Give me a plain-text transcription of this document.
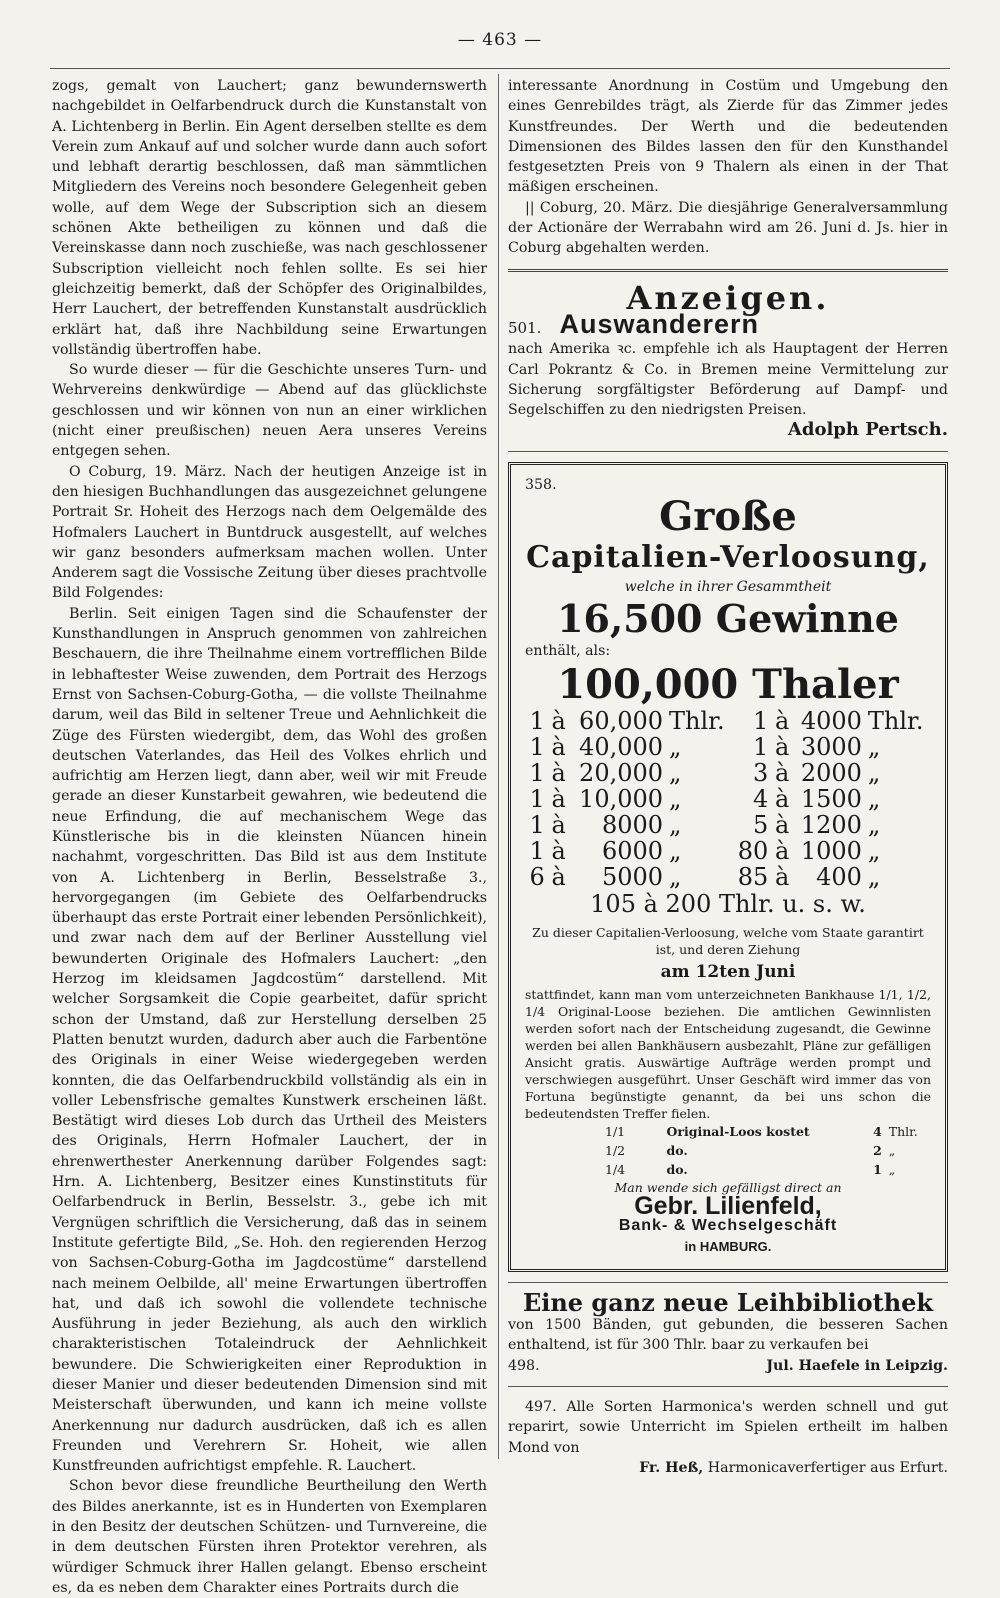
— 463 —

zogs, gemalt von Lauchert; ganz bewundernswerth nachgebildet in Oelfarbendruck durch die Kunstanstalt von A. Lichtenberg in Berlin. Ein Agent derselben stellte es dem Verein zum Ankauf auf und solcher wurde dann auch sofort und lebhaft derartig beschlossen, daß man sämmtlichen Mitgliedern des Vereins noch besondere Gelegenheit geben wolle, auf dem Wege der Subscription sich an diesem schönen Akte betheiligen zu können und daß die Vereinskasse dann noch zuschieße, was nach geschlossener Subscription vielleicht noch fehlen sollte. Es sei hier gleichzeitig bemerkt, daß der Schöpfer des Originalbildes, Herr Lauchert, der betreffenden Kunstanstalt ausdrücklich erklärt hat, daß ihre Nachbildung seine Erwartungen vollständig übertroffen habe.

So wurde dieser — für die Geschichte unseres Turn- und Wehrvereins denkwürdige — Abend auf das glücklichste geschlossen und wir können von nun an einer wirklichen (nicht einer preußischen) neuen Aera unseres Vereins entgegen sehen.

O Coburg, 19. März. Nach der heutigen Anzeige ist in den hiesigen Buchhandlungen das ausgezeichnet gelungene Portrait Sr. Hoheit des Herzogs nach dem Oelgemälde des Hofmalers Lauchert in Buntdruck ausgestellt, auf welches wir ganz besonders aufmerksam machen wollen. Unter Anderem sagt die Vossische Zeitung über dieses prachtvolle Bild Folgendes:

Berlin. Seit einigen Tagen sind die Schaufenster der Kunsthandlungen in Anspruch genommen von zahlreichen Beschauern, die ihre Theilnahme einem vortrefflichen Bilde in lebhaftester Weise zuwenden, dem Portrait des Herzogs Ernst von Sachsen-Coburg-Gotha, — die vollste Theilnahme darum, weil das Bild in seltener Treue und Aehnlichkeit die Züge des Fürsten wiedergibt, dem, das Wohl des großen deutschen Vaterlandes, das Heil des Volkes ehrlich und aufrichtig am Herzen liegt, dann aber, weil wir mit Freude gerade an dieser Kunstarbeit gewahren, wie bedeutend die neue Erfindung, die auf mechanischem Wege das Künstlerische bis in die kleinsten Nüancen hinein nachahmt, vorgeschritten. Das Bild ist aus dem Institute von A. Lichtenberg in Berlin, Besselstraße 3., hervorgegangen (im Gebiete des Oelfarbendrucks überhaupt das erste Portrait einer lebenden Persönlichkeit), und zwar nach dem auf der Berliner Ausstellung viel bewunderten Originale des Hofmalers Lauchert: „den Herzog im kleidsamen Jagdcostüm“ darstellend. Mit welcher Sorgsamkeit die Copie gearbeitet, dafür spricht schon der Umstand, daß zur Herstellung derselben 25 Platten benutzt wurden, dadurch aber auch die Farbentöne des Originals in einer Weise wiedergegeben werden konnten, die das Oelfarbendruckbild vollständig als ein in voller Lebensfrische gemaltes Kunstwerk erscheinen läßt. Bestätigt wird dieses Lob durch das Urtheil des Meisters des Originals, Herrn Hofmaler Lauchert, der in ehrenwerthester Anerkennung darüber Folgendes sagt: Hrn. A. Lichtenberg, Besitzer eines Kunstinstituts für Oelfarbendruck in Berlin, Besselstr. 3., gebe ich mit Vergnügen schriftlich die Versicherung, daß das in seinem Institute gefertigte Bild, „Se. Hoh. den regierenden Herzog von Sachsen-Coburg-Gotha im Jagdcostüme“ darstellend nach meinem Oelbilde, all' meine Erwartungen übertroffen hat, und daß ich sowohl die vollendete technische Ausführung in jeder Beziehung, als auch den wirklich charakteristischen Totaleindruck der Aehnlichkeit bewundere. Die Schwierigkeiten einer Reproduktion in dieser Manier und dieser bedeutenden Dimension sind mit Meisterschaft überwunden, und kann ich meine vollste Anerkennung nur dadurch ausdrücken, daß ich es allen Freunden und Verehrern Sr. Hoheit, wie allen Kunstfreunden aufrichtigst empfehle. R. Lauchert.

Schon bevor diese freundliche Beurtheilung den Werth des Bildes anerkannte, ist es in Hunderten von Exemplaren in den Besitz der deutschen Schützen- und Turnvereine, die in dem deutschen Fürsten ihren Protektor verehren, als würdiger Schmuck ihrer Hallen gelangt. Ebenso erscheint es, da es neben dem Charakter eines Portraits durch die

interessante Anordnung in Costüm und Umgebung den eines Genrebildes trägt, als Zierde für das Zimmer jedes Kunstfreundes. Der Werth und die bedeutenden Dimensionen des Bildes lassen den für den Kunsthandel festgesetzten Preis von 9 Thalern als einen in der That mäßigen erscheinen.

|| Coburg, 20. März. Die diesjährige Generalversammlung der Actionäre der Werrabahn wird am 26. Juni d. Js. hier in Coburg abgehalten werden.

Anzeigen.
501. Auswanderern

nach Amerika ꝛc. empfehle ich als Hauptagent der Herren Carl Pokrantz & Co. in Bremen meine Vermittelung zur Sicherung sorgfältigster Beförderung auf Dampf- und Segelschiffen zu den niedrigsten Preisen.

Adolph Pertsch.
358.
Große
Capitalien-Verloosung,
welche in ihrer Gesammtheit
16,500 Gewinne
enthält, als:
100,000 Thaler
1	à	60,000	Thlr.	1	à	4000	Thlr.
1	à	40,000	„	1	à	3000	„
1	à	20,000	„	3	à	2000	„
1	à	10,000	„	4	à	1500	„
1	à	8000	„	5	à	1200	„
1	à	6000	„	80	à	1000	„
6	à	5000	„	85	à	400	„
105 à 200 Thlr. u. s. w.
Zu dieser Capitalien-Verloosung, welche vom Staate garantirt ist, und deren Ziehung
am 12ten Juni
stattfindet, kann man vom unterzeichneten Bankhause 1/1, 1/2, 1/4 Original-Loose beziehen. Die amtlichen Gewinnlisten werden sofort nach der Entscheidung zugesandt, die Gewinne werden bei allen Bankhäusern ausbezahlt, Pläne zur gefälligen Ansicht gratis. Auswärtige Aufträge werden prompt und verschwiegen ausgeführt. Unser Geschäft wird immer das von Fortuna begünstigte genannt, da bei uns schon die bedeutendsten Treffer fielen.
1/1	Original-Loos kostet	4	Thlr.
1/2	do.	2	„
1/4	do.	1	„
Man wende sich gefälligst direct an
Gebr. Lilienfeld,
Bank- & Wechselgeschäft
in HAMBURG.
Eine ganz neue Leihbibliothek

von 1500 Bänden, gut gebunden, die besseren Sachen enthaltend, ist für 300 Thlr. baar zu verkaufen bei

498.	Jul. Haefele in Leipzig.

497. Alle Sorten Harmonica's werden schnell und gut reparirt, sowie Unterricht im Spielen ertheilt im halben Mond von

Fr. Heß, Harmonicaverfertiger aus Erfurt.
